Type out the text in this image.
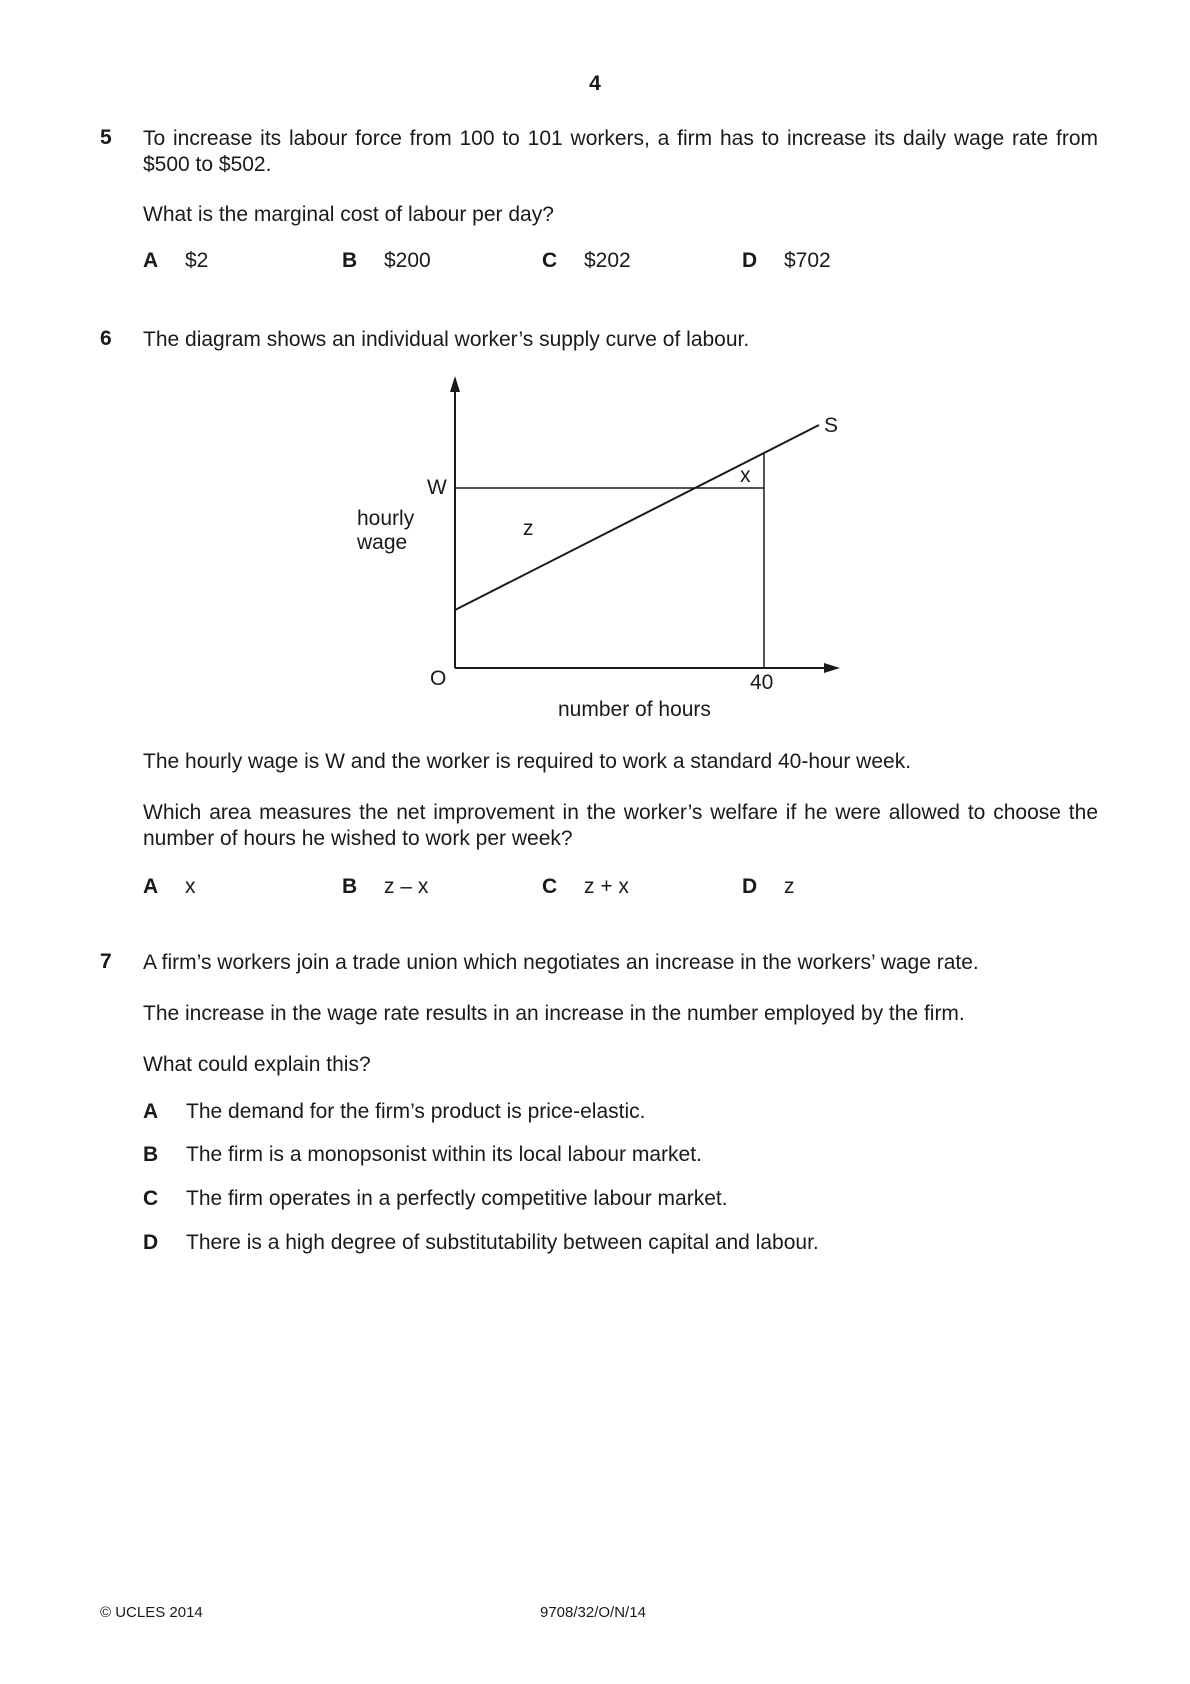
4
5 To increase its labour force from 100 to 101 workers, a firm has to increase its daily wage rate from $500 to $502.
What is the marginal cost of labour per day?
A $2	B $200	C $202	D $702
6 The diagram shows an individual worker’s supply curve of labour.
hourly
wage
number of hours
O
W
40
S
z
x
The hourly wage is W and the worker is required to work a standard 40-hour week.
Which area measures the net improvement in the worker’s welfare if he were allowed to choose the number of hours he wished to work per week?
A x	B z – x	C z + x	D z
7 A firm’s workers join a trade union which negotiates an increase in the workers’ wage rate.
The increase in the wage rate results in an increase in the number employed by the firm.
What could explain this?
A The demand for the firm’s product is price-elastic.
B The firm is a monopsonist within its local labour market.
C The firm operates in a perfectly competitive labour market.
D There is a high degree of substitutability between capital and labour.
© UCLES 2014	9708/32/O/N/14
